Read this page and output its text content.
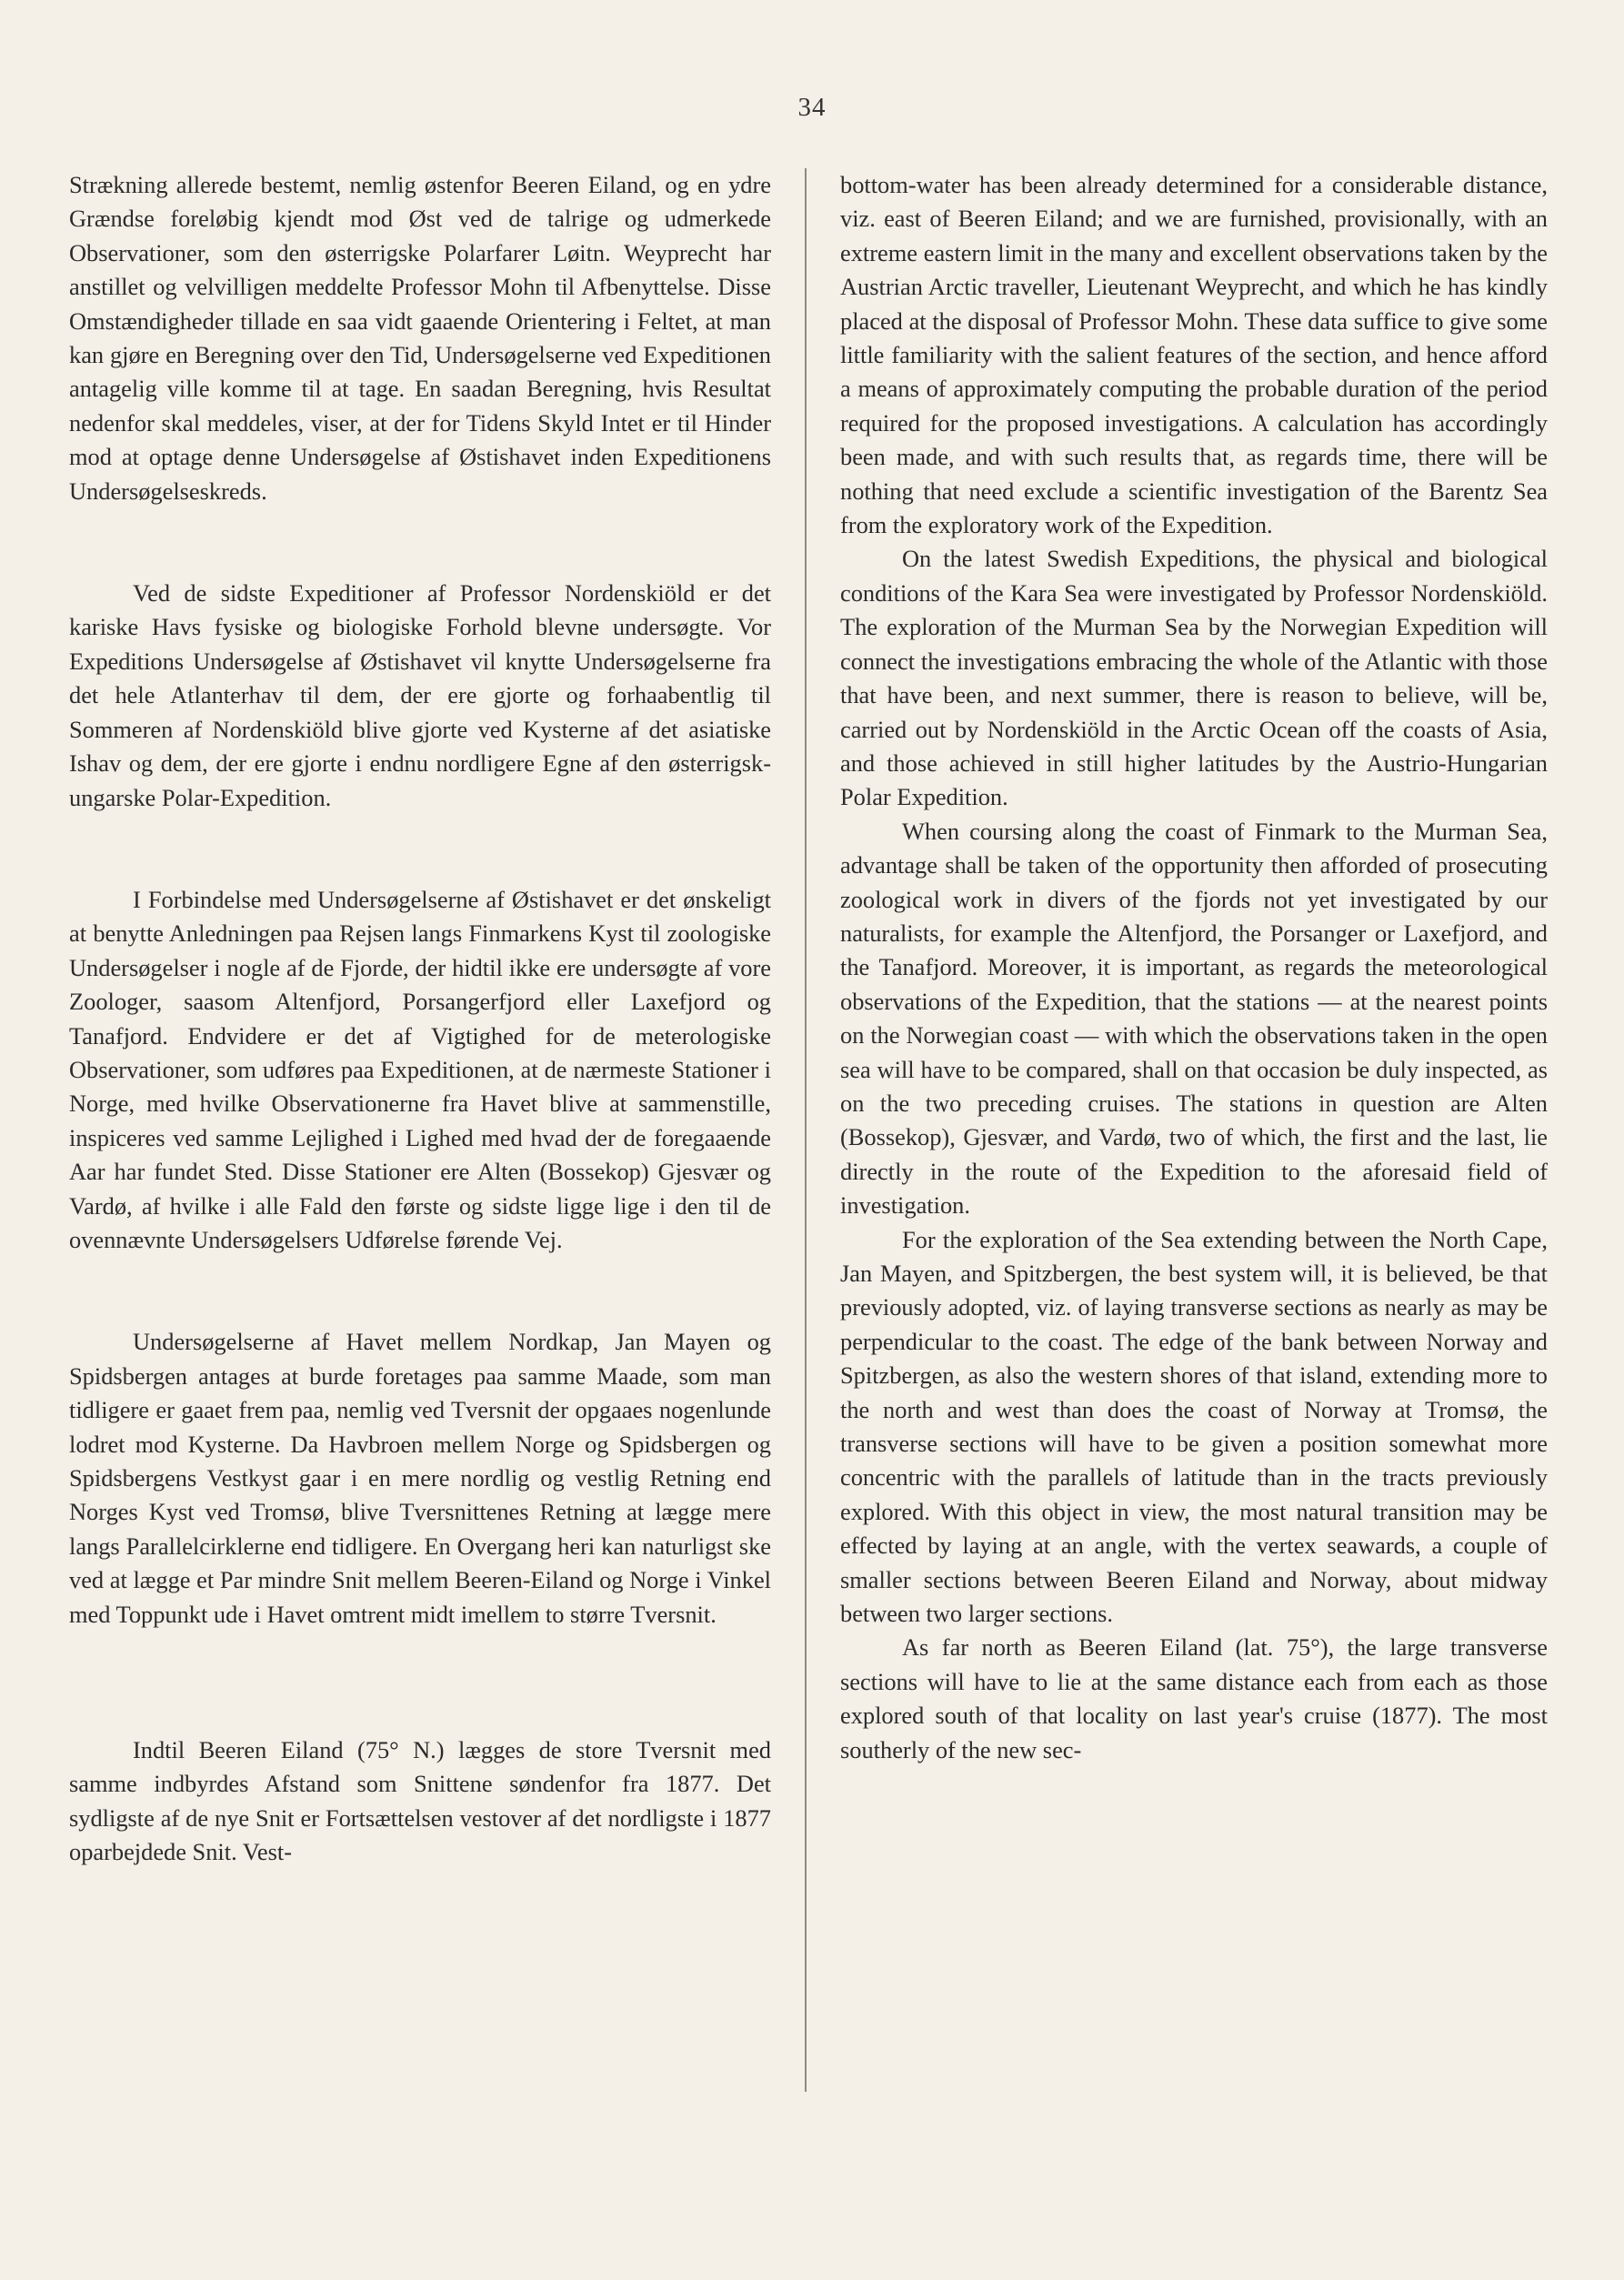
34

Strækning allerede bestemt, nemlig østenfor Beeren Eiland, og en ydre Grændse foreløbig kjendt mod Øst ved de talrige og udmerkede Observationer, som den østerrigske Polarfarer Løitn. Weyprecht har anstillet og velvilligen meddelte Professor Mohn til Afbenyttelse. Disse Omstændigheder tillade en saa vidt gaaende Orientering i Feltet, at man kan gjøre en Beregning over den Tid, Undersøgelserne ved Expeditionen antagelig ville komme til at tage. En saadan Beregning, hvis Resultat nedenfor skal meddeles, viser, at der for Tidens Skyld Intet er til Hinder mod at optage denne Undersøgelse af Østishavet inden Expeditionens Undersøgelseskreds.

Ved de sidste Expeditioner af Professor Nordenskiöld er det kariske Havs fysiske og biologiske Forhold blevne undersøgte. Vor Expeditions Undersøgelse af Østishavet vil knytte Undersøgelserne fra det hele Atlanterhav til dem, der ere gjorte og forhaabentlig til Sommeren af Nordenskiöld blive gjorte ved Kysterne af det asiatiske Ishav og dem, der ere gjorte i endnu nordligere Egne af den østerrigsk-ungarske Polar-Expedition.

I Forbindelse med Undersøgelserne af Østishavet er det ønskeligt at benytte Anledningen paa Rejsen langs Finmarkens Kyst til zoologiske Undersøgelser i nogle af de Fjorde, der hidtil ikke ere undersøgte af vore Zoologer, saasom Altenfjord, Porsangerfjord eller Laxefjord og Tanafjord. Endvidere er det af Vigtighed for de meterologiske Observationer, som udføres paa Expeditionen, at de nærmeste Stationer i Norge, med hvilke Observationerne fra Havet blive at sammenstille, inspiceres ved samme Lejlighed i Lighed med hvad der de foregaaende Aar har fundet Sted. Disse Stationer ere Alten (Bossekop) Gjesvær og Vardø, af hvilke i alle Fald den første og sidste ligge lige i den til de ovennævnte Undersøgelsers Udførelse førende Vej.

Undersøgelserne af Havet mellem Nordkap, Jan Mayen og Spidsbergen antages at burde foretages paa samme Maade, som man tidligere er gaaet frem paa, nemlig ved Tversnit der opgaaes nogenlunde lodret mod Kysterne. Da Havbroen mellem Norge og Spidsbergen og Spidsbergens Vestkyst gaar i en mere nordlig og vestlig Retning end Norges Kyst ved Tromsø, blive Tversnittenes Retning at lægge mere langs Parallelcirklerne end tidligere. En Overgang heri kan naturligst ske ved at lægge et Par mindre Snit mellem Beeren-Eiland og Norge i Vinkel med Toppunkt ude i Havet omtrent midt imellem to større Tversnit.

Indtil Beeren Eiland (75° N.) lægges de store Tversnit med samme indbyrdes Afstand som Snittene søndenfor fra 1877. Det sydligste af de nye Snit er Fortsættelsen vestover af det nordligste i 1877 oparbejdede Snit. Vest-

bottom-water has been already determined for a considerable distance, viz. east of Beeren Eiland; and we are furnished, provisionally, with an extreme eastern limit in the many and excellent observations taken by the Austrian Arctic traveller, Lieutenant Weyprecht, and which he has kindly placed at the disposal of Professor Mohn. These data suffice to give some little familiarity with the salient features of the section, and hence afford a means of approximately computing the probable duration of the period required for the proposed investigations. A calculation has accordingly been made, and with such results that, as regards time, there will be nothing that need exclude a scientific investigation of the Barentz Sea from the exploratory work of the Expedition.

On the latest Swedish Expeditions, the physical and biological conditions of the Kara Sea were investigated by Professor Nordenskiöld. The exploration of the Murman Sea by the Norwegian Expedition will connect the investigations embracing the whole of the Atlantic with those that have been, and next summer, there is reason to believe, will be, carried out by Nordenskiöld in the Arctic Ocean off the coasts of Asia, and those achieved in still higher latitudes by the Austrio-Hungarian Polar Expedition.

When coursing along the coast of Finmark to the Murman Sea, advantage shall be taken of the opportunity then afforded of prosecuting zoological work in divers of the fjords not yet investigated by our naturalists, for example the Altenfjord, the Porsanger or Laxefjord, and the Tanafjord. Moreover, it is important, as regards the meteorological observations of the Expedition, that the stations — at the nearest points on the Norwegian coast — with which the observations taken in the open sea will have to be compared, shall on that occasion be duly inspected, as on the two preceding cruises. The stations in question are Alten (Bossekop), Gjesvær, and Vardø, two of which, the first and the last, lie directly in the route of the Expedition to the aforesaid field of investigation.

For the exploration of the Sea extending between the North Cape, Jan Mayen, and Spitzbergen, the best system will, it is believed, be that previously adopted, viz. of laying transverse sections as nearly as may be perpendicular to the coast. The edge of the bank between Norway and Spitzbergen, as also the western shores of that island, extending more to the north and west than does the coast of Norway at Tromsø, the transverse sections will have to be given a position somewhat more concentric with the parallels of latitude than in the tracts previously explored. With this object in view, the most natural transition may be effected by laying at an angle, with the vertex seawards, a couple of smaller sections between Beeren Eiland and Norway, about midway between two larger sections.

As far north as Beeren Eiland (lat. 75°), the large transverse sections will have to lie at the same distance each from each as those explored south of that locality on last year's cruise (1877). The most southerly of the new sec-
